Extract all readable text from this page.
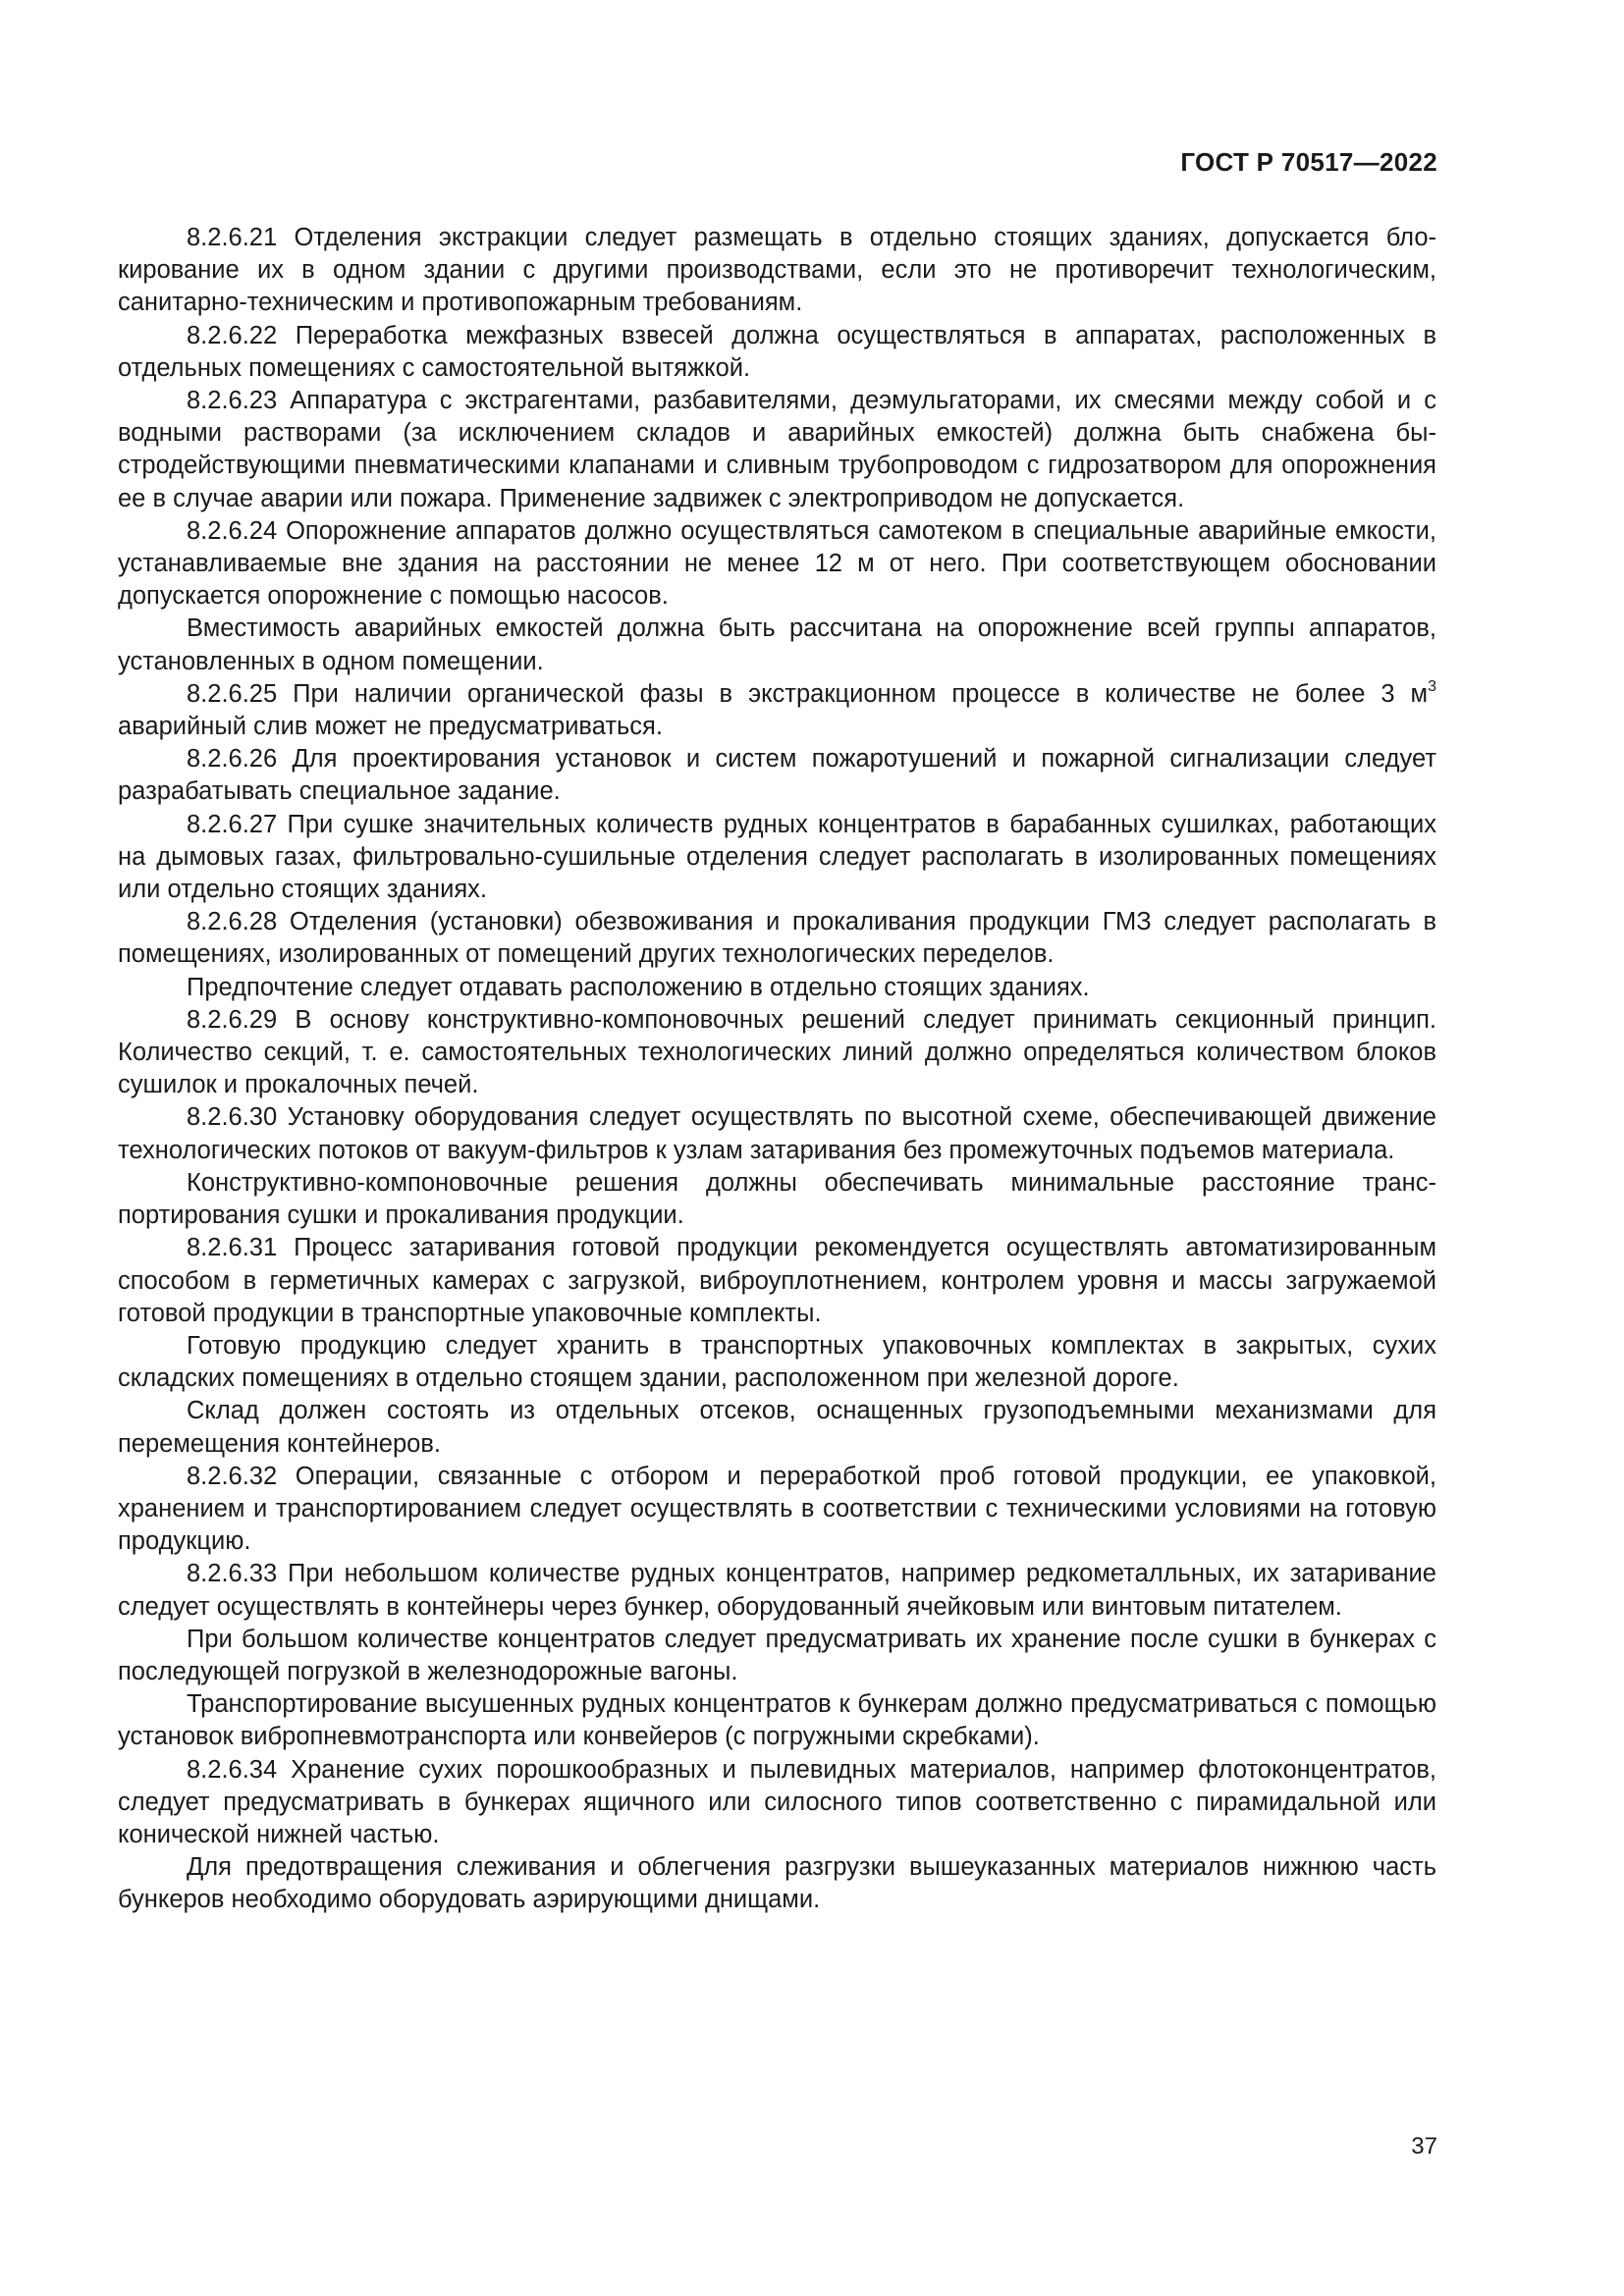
ГОСТ Р 70517—2022

8.2.6.21 Отделения экстракции следует размещать в отдельно стоящих зданиях, допускается блокирование их в одном здании с другими производствами, если это не противоречит технологическим, санитарно-техническим и противопожарным требованиям.

8.2.6.22 Переработка межфазных взвесей должна осуществляться в аппаратах, расположенных в отдельных помещениях с самостоятельной вытяжкой.

8.2.6.23 Аппаратура с экстрагентами, разбавителями, деэмульгаторами, их смесями между собой и с водными растворами (за исключением складов и аварийных емкостей) должна быть снабжена быстродействующими пневматическими клапанами и сливным трубопроводом с гидрозатвором для опорожнения ее в случае аварии или пожара. Применение задвижек с электроприводом не допускается.

8.2.6.24 Опорожнение аппаратов должно осуществляться самотеком в специальные аварийные емкости, устанавливаемые вне здания на расстоянии не менее 12 м от него. При соответствующем обосновании допускается опорожнение с помощью насосов.

Вместимость аварийных емкостей должна быть рассчитана на опорожнение всей группы аппаратов, установленных в одном помещении.

8.2.6.25 При наличии органической фазы в экстракционном процессе в количестве не более 3 $м^3$ аварийный слив может не предусматриваться.

8.2.6.26 Для проектирования установок и систем пожаротушений и пожарной сигнализации следует разрабатывать специальное задание.

8.2.6.27 При сушке значительных количеств рудных концентратов в барабанных сушилках, работающих на дымовых газах, фильтровально-сушильные отделения следует располагать в изолированных помещениях или отдельно стоящих зданиях.

8.2.6.28 Отделения (установки) обезвоживания и прокаливания продукции ГМЗ следует располагать в помещениях, изолированных от помещений других технологических переделов.

Предпочтение следует отдавать расположению в отдельно стоящих зданиях.

8.2.6.29 В основу конструктивно-компоновочных решений следует принимать секционный принцип. Количество секций, т. е. самостоятельных технологических линий должно определяться количеством блоков сушилок и прокалочных печей.

8.2.6.30 Установку оборудования следует осуществлять по высотной схеме, обеспечивающей движение технологических потоков от вакуум-фильтров к узлам затаривания без промежуточных подъемов материала.

Конструктивно-компоновочные решения должны обеспечивать минимальные расстояние транспортирования сушки и прокаливания продукции.

8.2.6.31 Процесс затаривания готовой продукции рекомендуется осуществлять автоматизированным способом в герметичных камерах с загрузкой, виброуплотнением, контролем уровня и массы загружаемой готовой продукции в транспортные упаковочные комплекты.

Готовую продукцию следует хранить в транспортных упаковочных комплектах в закрытых, сухих складских помещениях в отдельно стоящем здании, расположенном при железной дороге.

Склад должен состоять из отдельных отсеков, оснащенных грузоподъемными механизмами для перемещения контейнеров.

8.2.6.32 Операции, связанные с отбором и переработкой проб готовой продукции, ее упаковкой, хранением и транспортированием следует осуществлять в соответствии с техническими условиями на готовую продукцию.

8.2.6.33 При небольшом количестве рудных концентратов, например редкометалльных, их затаривание следует осуществлять в контейнеры через бункер, оборудованный ячейковым или винтовым питателем.

При большом количестве концентратов следует предусматривать их хранение после сушки в бункерах с последующей погрузкой в железнодорожные вагоны.

Транспортирование высушенных рудных концентратов к бункерам должно предусматриваться с помощью установок вибропневмотранспорта или конвейеров (с погружными скребками).

8.2.6.34 Хранение сухих порошкообразных и пылевидных материалов, например флотоконцентратов, следует предусматривать в бункерах ящичного или силосного типов соответственно с пирамидальной или конической нижней частью.

Для предотвращения слеживания и облегчения разгрузки вышеуказанных материалов нижнюю часть бункеров необходимо оборудовать аэрирующими днищами.

37
